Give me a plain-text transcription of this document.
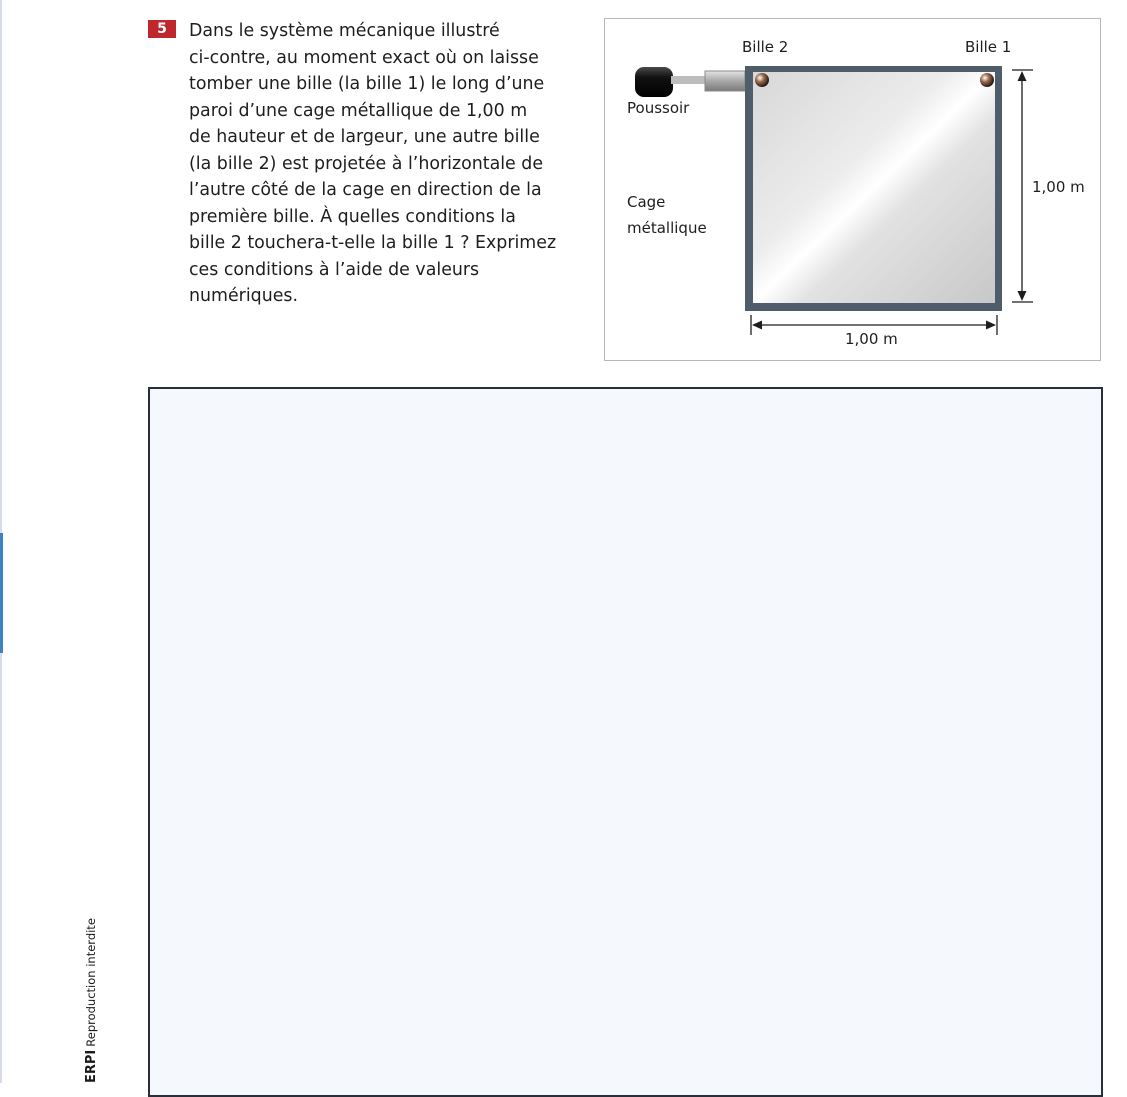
5	Dans le système mécanique illustré
ci-contre, au moment exact où on laisse
tomber une bille (la bille 1) le long d’une
paroi d’une cage métallique de 1,00 m
de hauteur et de largeur, une autre bille
(la bille 2) est projetée à l’horizontale de
l’autre côté de la cage en direction de la
première bille. À quelles conditions la
bille 2 touchera-t-elle la bille 1 ? Exprimez
ces conditions à l’aide de valeurs
numériques.
Bille 2	Bille 1
Poussoir
Cage
métallique
1,00 m
1,00 m
ERPIReproduction interdite
